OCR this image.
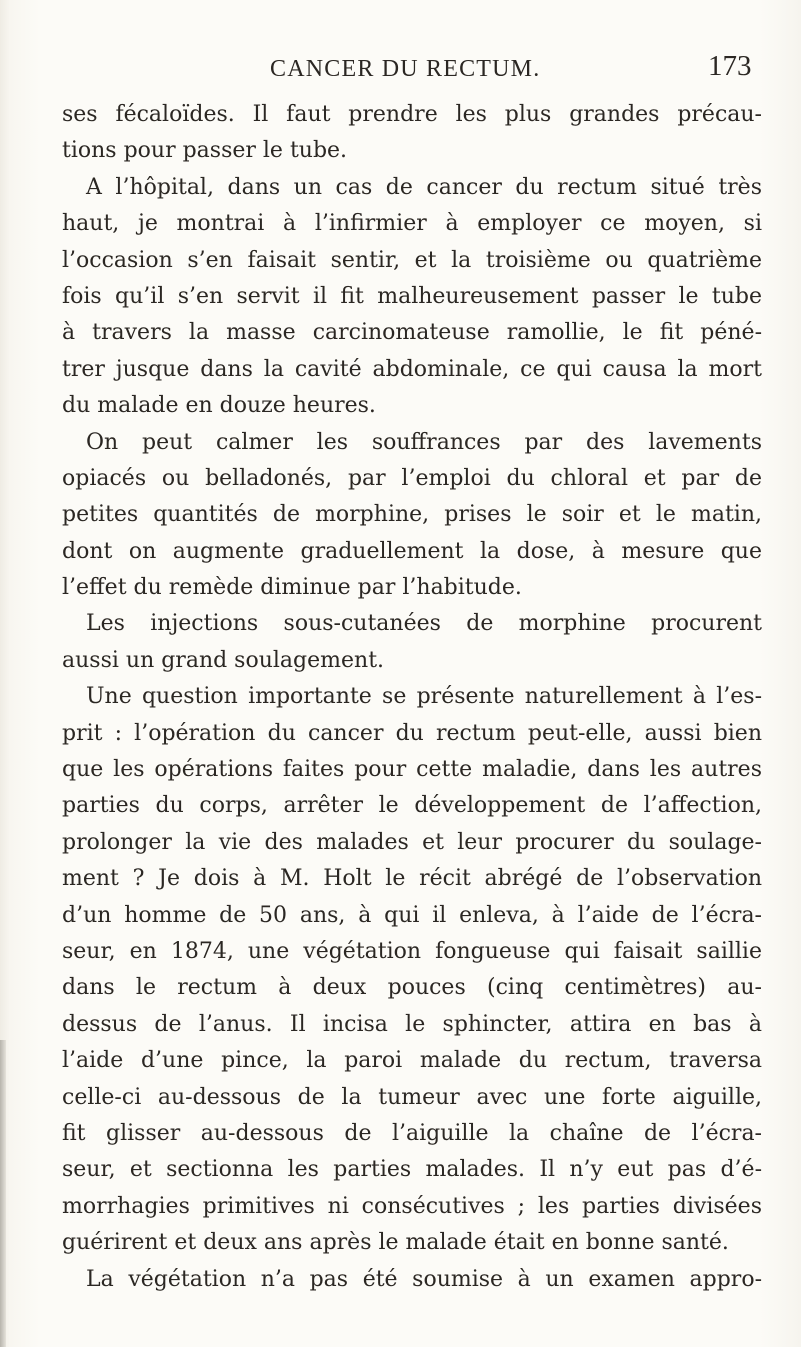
CANCER DU RECTUM.	173
ses fécaloïdes. Il faut prendre les plus grandes précau-
tions pour passer le tube.
A l’hôpital, dans un cas de cancer du rectum situé très
haut, je montrai à l’infirmier à employer ce moyen, si
l’occasion s’en faisait sentir, et la troisième ou quatrième
fois qu’il s’en servit il fit malheureusement passer le tube
à travers la masse carcinomateuse ramollie, le fit péné-
trer jusque dans la cavité abdominale, ce qui causa la mort
du malade en douze heures.
On peut calmer les souffrances par des lavements
opiacés ou belladonés, par l’emploi du chloral et par de
petites quantités de morphine, prises le soir et le matin,
dont on augmente graduellement la dose, à mesure que
l’effet du remède diminue par l’habitude.
Les injections sous-cutanées de morphine procurent
aussi un grand soulagement.
Une question importante se présente naturellement à l’es-
prit : l’opération du cancer du rectum peut-elle, aussi bien
que les opérations faites pour cette maladie, dans les autres
parties du corps, arrêter le développement de l’affection,
prolonger la vie des malades et leur procurer du soulage-
ment ? Je dois à M. Holt le récit abrégé de l’observation
d’un homme de 50 ans, à qui il enleva, à l’aide de l’écra-
seur, en 1874, une végétation fongueuse qui faisait saillie
dans le rectum à deux pouces (cinq centimètres) au-
dessus de l’anus. Il incisa le sphincter, attira en bas à
l’aide d’une pince, la paroi malade du rectum, traversa
celle-ci au-dessous de la tumeur avec une forte aiguille,
fit glisser au-dessous de l’aiguille la chaîne de l’écra-
seur, et sectionna les parties malades. Il n’y eut pas d’é-
morrhagies primitives ni consécutives ; les parties divisées
guérirent et deux ans après le malade était en bonne santé.
La végétation n’a pas été soumise à un examen appro-
